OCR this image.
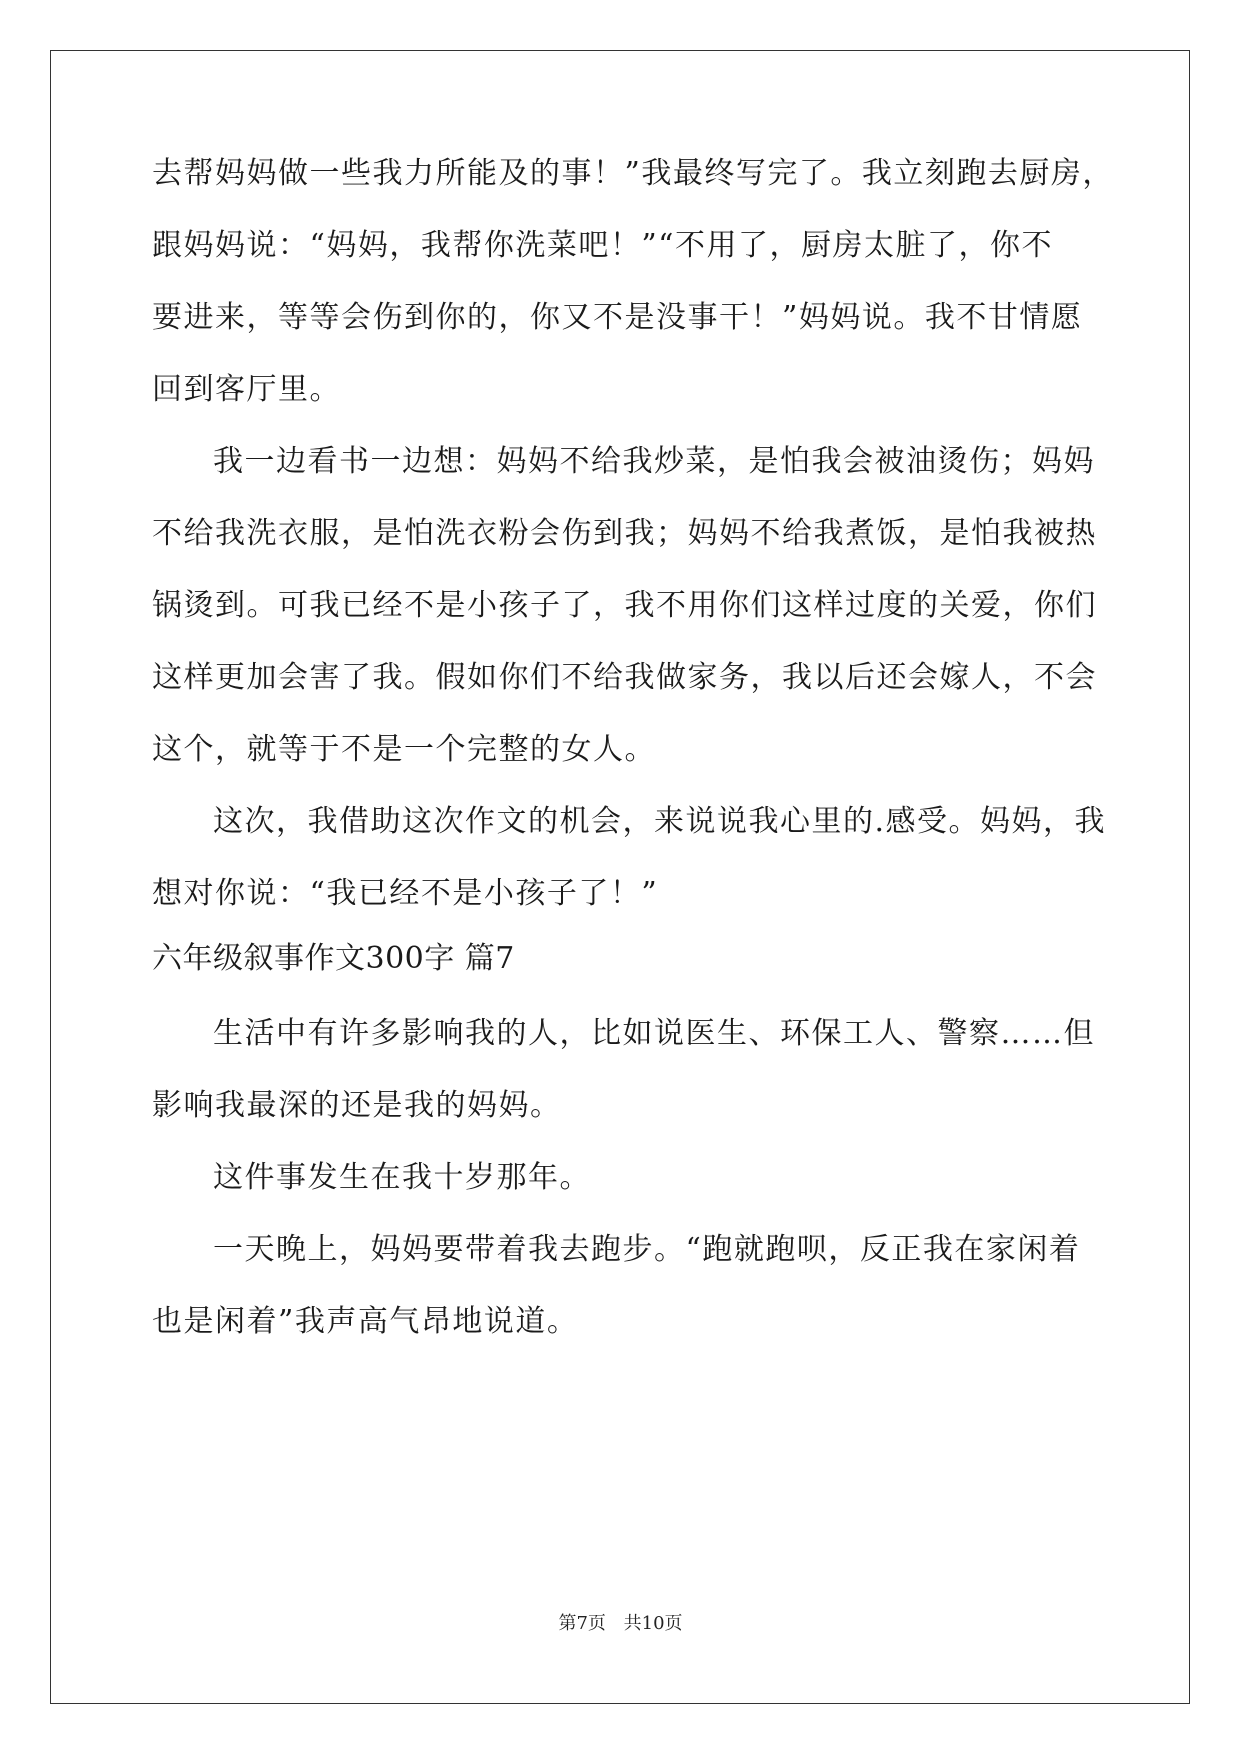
去帮妈妈做一些我力所能及的事！”我最终写完了。我立刻跑去厨房，
跟妈妈说：“妈妈，我帮你洗菜吧！”“不用了，厨房太脏了，你不
要进来，等等会伤到你的，你又不是没事干！”妈妈说。我不甘情愿
回到客厅里。
我一边看书一边想：妈妈不给我炒菜，是怕我会被油烫伤；妈妈
不给我洗衣服，是怕洗衣粉会伤到我；妈妈不给我煮饭，是怕我被热
锅烫到。可我已经不是小孩子了，我不用你们这样过度的关爱，你们
这样更加会害了我。假如你们不给我做家务，我以后还会嫁人，不会
这个，就等于不是一个完整的女人。
这次，我借助这次作文的机会，来说说我心里的.感受。妈妈，我
想对你说：“我已经不是小孩子了！”
六年级叙事作文300字 篇7
生活中有许多影响我的人，比如说医生、环保工人、警察……但
影响我最深的还是我的妈妈。
这件事发生在我十岁那年。
一天晚上，妈妈要带着我去跑步。“跑就跑呗，反正我在家闲着
也是闲着”我声高气昂地说道。
第7页 共10页
